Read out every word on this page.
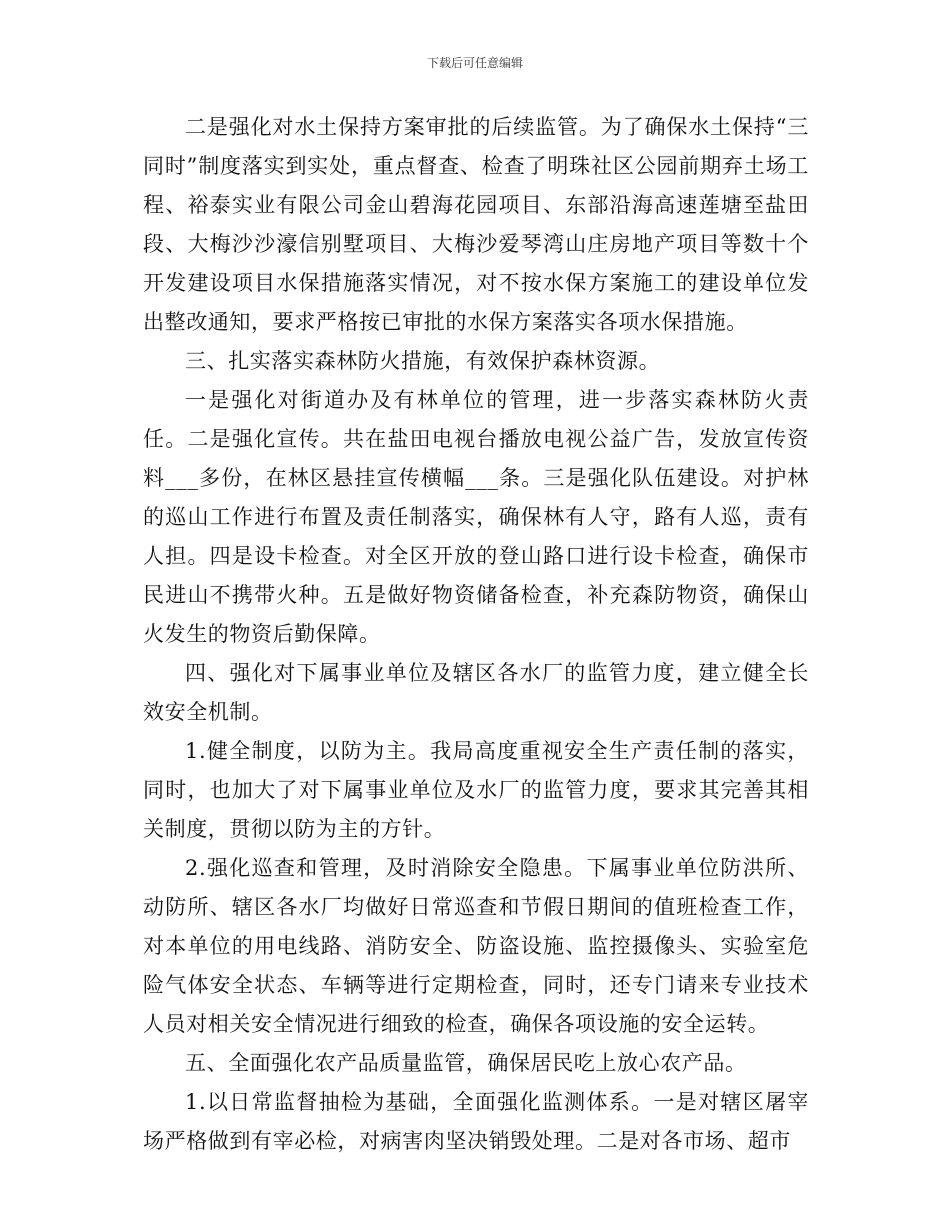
下载后可任意编辑

二是强化对水土保持方案审批的后续监管。为了确保水土保持“三同时”制度落实到实处，重点督查、检查了明珠社区公园前期弃土场工程、裕泰实业有限公司金山碧海花园项目、东部沿海高速莲塘至盐田段、大梅沙沙濠信别墅项目、大梅沙爱琴湾山庄房地产项目等数十个开发建设项目水保措施落实情况，对不按水保方案施工的建设单位发出整改通知，要求严格按已审批的水保方案落实各项水保措施。

三、扎实落实森林防火措施，有效保护森林资源。

一是强化对街道办及有林单位的管理，进一步落实森林防火责任。二是强化宣传。共在盐田电视台播放电视公益广告，发放宣传资料___多份，在林区悬挂宣传横幅___条。三是强化队伍建设。对护林的巡山工作进行布置及责任制落实，确保林有人守，路有人巡，责有人担。四是设卡检查。对全区开放的登山路口进行设卡检查，确保市民进山不携带火种。五是做好物资储备检查，补充森防物资，确保山火发生的物资后勤保障。

四、强化对下属事业单位及辖区各水厂的监管力度，建立健全长效安全机制。

1.健全制度，以防为主。我局高度重视安全生产责任制的落实，同时，也加大了对下属事业单位及水厂的监管力度，要求其完善其相关制度，贯彻以防为主的方针。

2.强化巡查和管理，及时消除安全隐患。下属事业单位防洪所、动防所、辖区各水厂均做好日常巡查和节假日期间的值班检查工作，对本单位的用电线路、消防安全、防盗设施、监控摄像头、实验室危险气体安全状态、车辆等进行定期检查，同时，还专门请来专业技术人员对相关安全情况进行细致的检查，确保各项设施的安全运转。

五、全面强化农产品质量监管，确保居民吃上放心农产品。

1.以日常监督抽检为基础，全面强化监测体系。一是对辖区屠宰场严格做到有宰必检，对病害肉坚决销毁处理。二是对各市场、超市
